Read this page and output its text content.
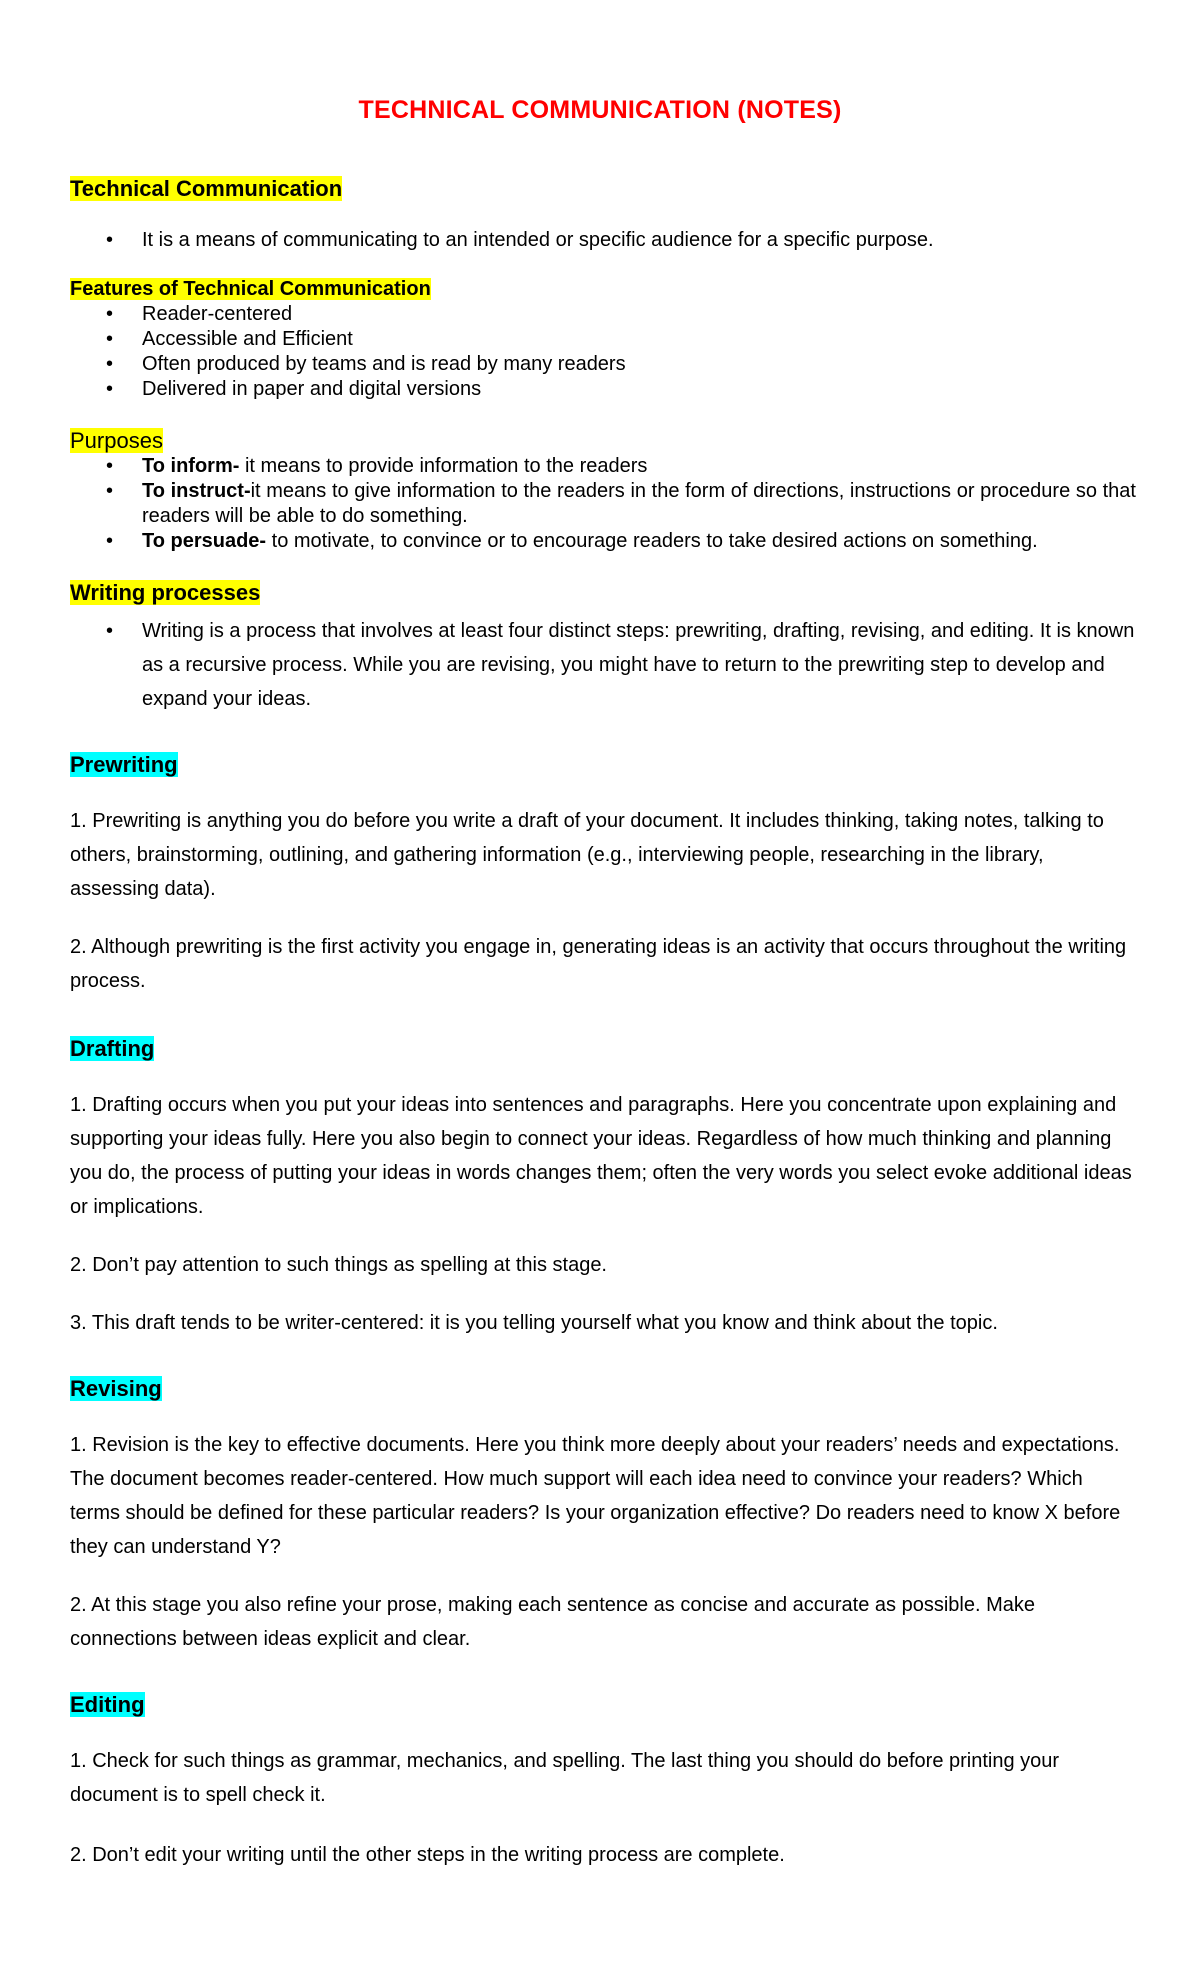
TECHNICAL COMMUNICATION (NOTES)
Technical Communication
• It is a means of communicating to an intended or specific audience for a specific purpose.
Features of Technical Communication
• Reader-centered
• Accessible and Efficient
• Often produced by teams and is read by many readers
• Delivered in paper and digital versions
Purposes
• To inform- it means to provide information to the readers
• To instruct-it means to give information to the readers in the form of directions, instructions or procedure so that readers will be able to do something.
• To persuade- to motivate, to convince or to encourage readers to take desired actions on something.
Writing processes
• Writing is a process that involves at least four distinct steps: prewriting, drafting, revising, and editing. It is known as a recursive process. While you are revising, you might have to return to the prewriting step to develop and expand your ideas.
Prewriting
1. Prewriting is anything you do before you write a draft of your document. It includes thinking, taking notes, talking to others, brainstorming, outlining, and gathering information (e.g., interviewing people, researching in the library, assessing data).
2. Although prewriting is the first activity you engage in, generating ideas is an activity that occurs throughout the writing process.
Drafting
1. Drafting occurs when you put your ideas into sentences and paragraphs. Here you concentrate upon explaining and supporting your ideas fully. Here you also begin to connect your ideas. Regardless of how much thinking and planning you do, the process of putting your ideas in words changes them; often the very words you select evoke additional ideas or implications.
2. Don’t pay attention to such things as spelling at this stage.
3. This draft tends to be writer-centered: it is you telling yourself what you know and think about the topic.
Revising
1. Revision is the key to effective documents. Here you think more deeply about your readers’ needs and expectations. The document becomes reader-centered. How much support will each idea need to convince your readers? Which terms should be defined for these particular readers? Is your organization effective? Do readers need to know X before they can understand Y?
2. At this stage you also refine your prose, making each sentence as concise and accurate as possible. Make connections between ideas explicit and clear.
Editing
1. Check for such things as grammar, mechanics, and spelling. The last thing you should do before printing your document is to spell check it.
2. Don’t edit your writing until the other steps in the writing process are complete.
